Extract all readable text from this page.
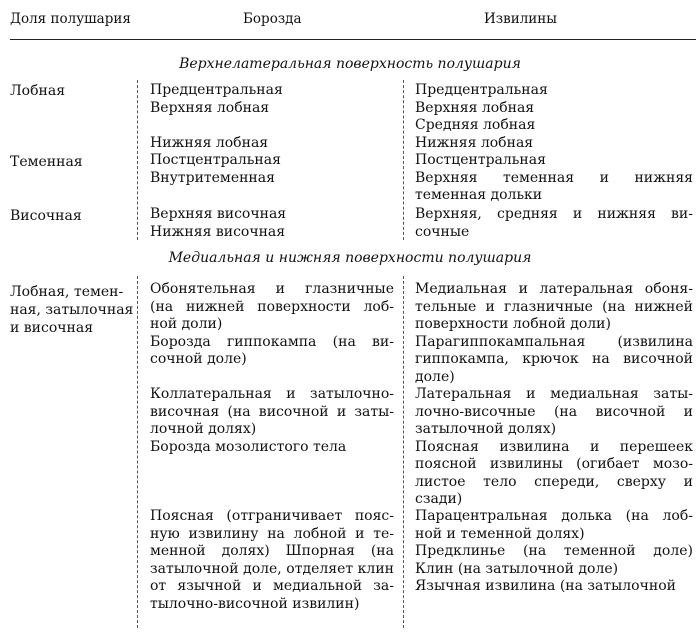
Доля полушария	Борозда	Извилины
Верхнелатеральная поверхность полушария
Лобная
Теменная
Височная
Предцентральная
Верхняя лобная
Нижняя лобная
Постцентральная
Внутритеменная
Верхняя височная
Нижняя височная
Предцентральная
Верхняя лобная
Средняя лобная
Нижняя лобная
Постцентральная
Верхняя теменная и нижняя
теменная дольки
Верхняя, средняя и нижняя ви-
сочные
Медиальная и нижняя поверхности полушария
Лобная, темен-
ная, затылочная
и височная
Обонятельная и глазничные
(на нижней поверхности лоб-
ной доли)
Борозда гиппокампа (на ви-
сочной доле)
Коллатеральная и затылочно-
височная (на височной и заты-
лочной долях)
Борозда мозолистого тела
Поясная (отграничивает пояс-
ную извилину на лобной и те-
менной долях) Шпорная (на
затылочной доле, отделяет клин
от язычной и медиальной за-
тылочно-височной извилин)
Медиальная и латеральная обоня-
тельные и глазничные (на нижней
поверхности лобной доли)
Парагиппокампальная (извилина
гиппокампа, крючок на височной
доле)
Латеральная и медиальная заты-
лочно-височные (на височной и
затылочной долях)
Поясная извилина и перешеек
поясной извилины (огибает мозо-
листое тело спереди, сверху и
сзади)
Парацентральная долька (на лоб-
ной и теменной долях)
Предклинье (на теменной доле)
Клин (на затылочной доле)
Язычная извилина (на затылочной
